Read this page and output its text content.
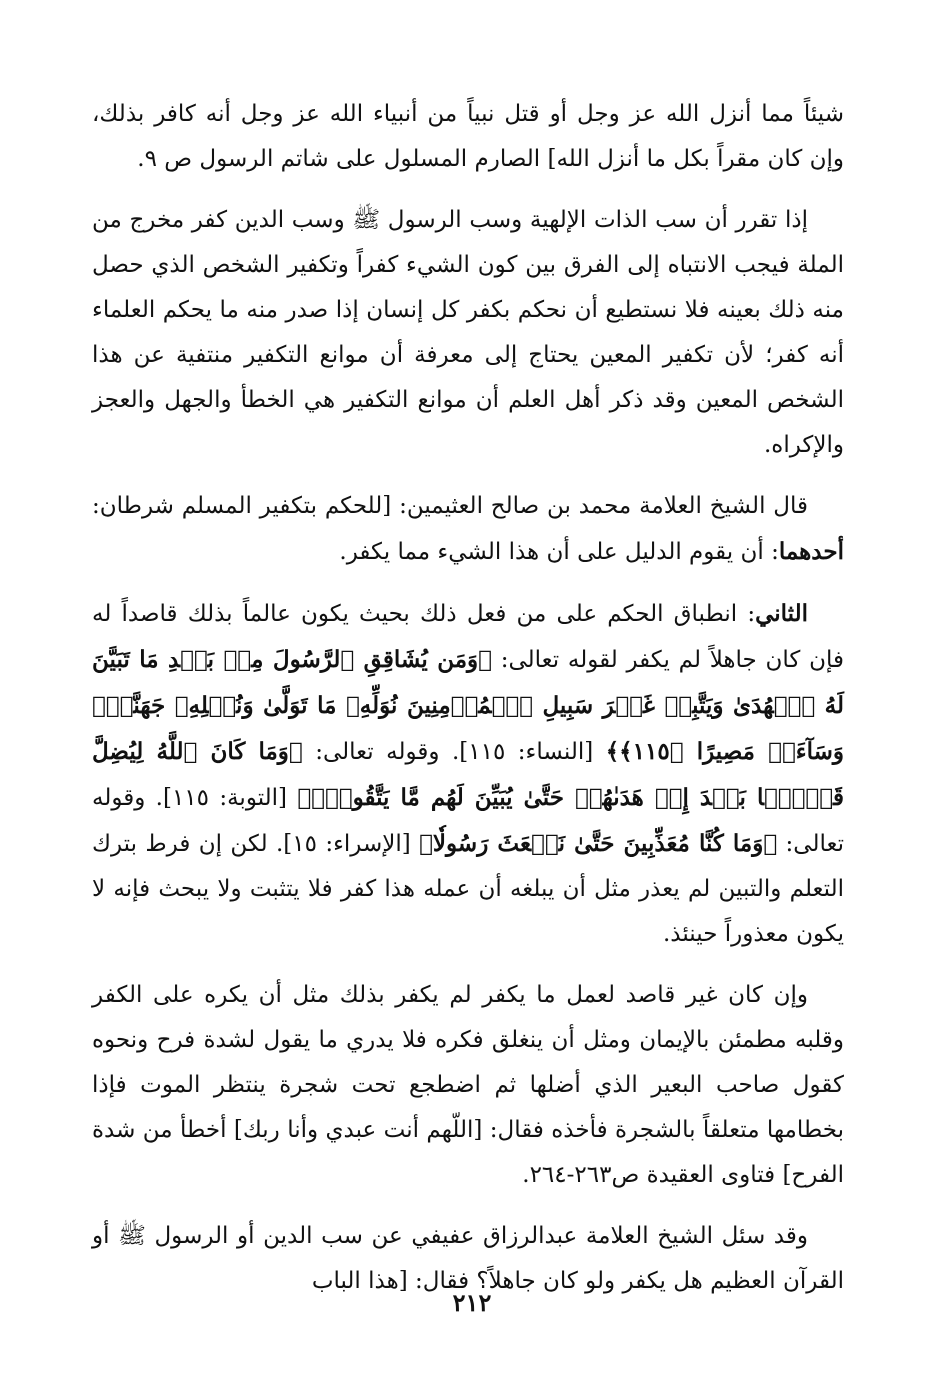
شيئاً مما أنزل الله عز وجل أو قتل نبياً من أنبياء الله عز وجل أنه كافر بذلك، وإن كان مقراً بكل ما أنزل الله] الصارم المسلول على شاتم الرسول ص ٩.

إذا تقرر أن سب الذات الإلهية وسب الرسول ﷺ وسب الدين كفر مخرج من الملة فيجب الانتباه إلى الفرق بين كون الشيء كفراً وتكفير الشخص الذي حصل منه ذلك بعينه فلا نستطيع أن نحكم بكفر كل إنسان إذا صدر منه ما يحكم العلماء أنه كفر؛ لأن تكفير المعين يحتاج إلى معرفة أن موانع التكفير منتفية عن هذا الشخص المعين وقد ذكر أهل العلم أن موانع التكفير هي الخطأ والجهل والعجز والإكراه.

قال الشيخ العلامة محمد بن صالح العثيمين: [للحكم بتكفير المسلم شرطان: أحدهما: أن يقوم الدليل على أن هذا الشيء مما يكفر.

الثاني: انطباق الحكم على من فعل ذلك بحيث يكون عالماً بذلك قاصداً له فإن كان جاهلاً لم يكفر لقوله تعالى: ﴿وَمَن يُشَاقِقِ ٱلرَّسُولَ مِنۢ بَعۡدِ مَا تَبَيَّنَ لَهُ ٱلۡهُدَىٰ وَيَتَّبِعۡ غَيۡرَ سَبِيلِ ٱلۡمُؤۡمِنِينَ نُوَلِّهِۦ مَا تَوَلَّىٰ وَنُصۡلِهِۦ جَهَنَّمَۖ وَسَآءَتۡ مَصِيرًا ﴿١١٥﴾﴾ [النساء: ١١٥]. وقوله تعالى: ﴿وَمَا كَانَ ٱللَّهُ لِيُضِلَّ قَوۡمَۢا بَعۡدَ إِذۡ هَدَىٰهُمۡ حَتَّىٰ يُبَيِّنَ لَهُم مَّا يَتَّقُونَۚ﴾ [التوبة: ١١٥]. وقوله تعالى: ﴿وَمَا كُنَّا مُعَذِّبِينَ حَتَّىٰ نَبۡعَثَ رَسُولٗا﴾ [الإسراء: ١٥]. لكن إن فرط بترك التعلم والتبين لم يعذر مثل أن يبلغه أن عمله هذا كفر فلا يتثبت ولا يبحث فإنه لا يكون معذوراً حينئذ.

وإن كان غير قاصد لعمل ما يكفر لم يكفر بذلك مثل أن يكره على الكفر وقلبه مطمئن بالإيمان ومثل أن ينغلق فكره فلا يدري ما يقول لشدة فرح ونحوه كقول صاحب البعير الذي أضلها ثم اضطجع تحت شجرة ينتظر الموت فإذا بخطامها متعلقاً بالشجرة فأخذه فقال: [اللّهم أنت عبدي وأنا ربك] أخطأ من شدة الفرح] فتاوى العقيدة ص٢٦٣-٢٦٤.

وقد سئل الشيخ العلامة عبدالرزاق عفيفي عن سب الدين أو الرسول ﷺ أو القرآن العظيم هل يكفر ولو كان جاهلاً؟ فقال: [هذا الباب

٢١٢
